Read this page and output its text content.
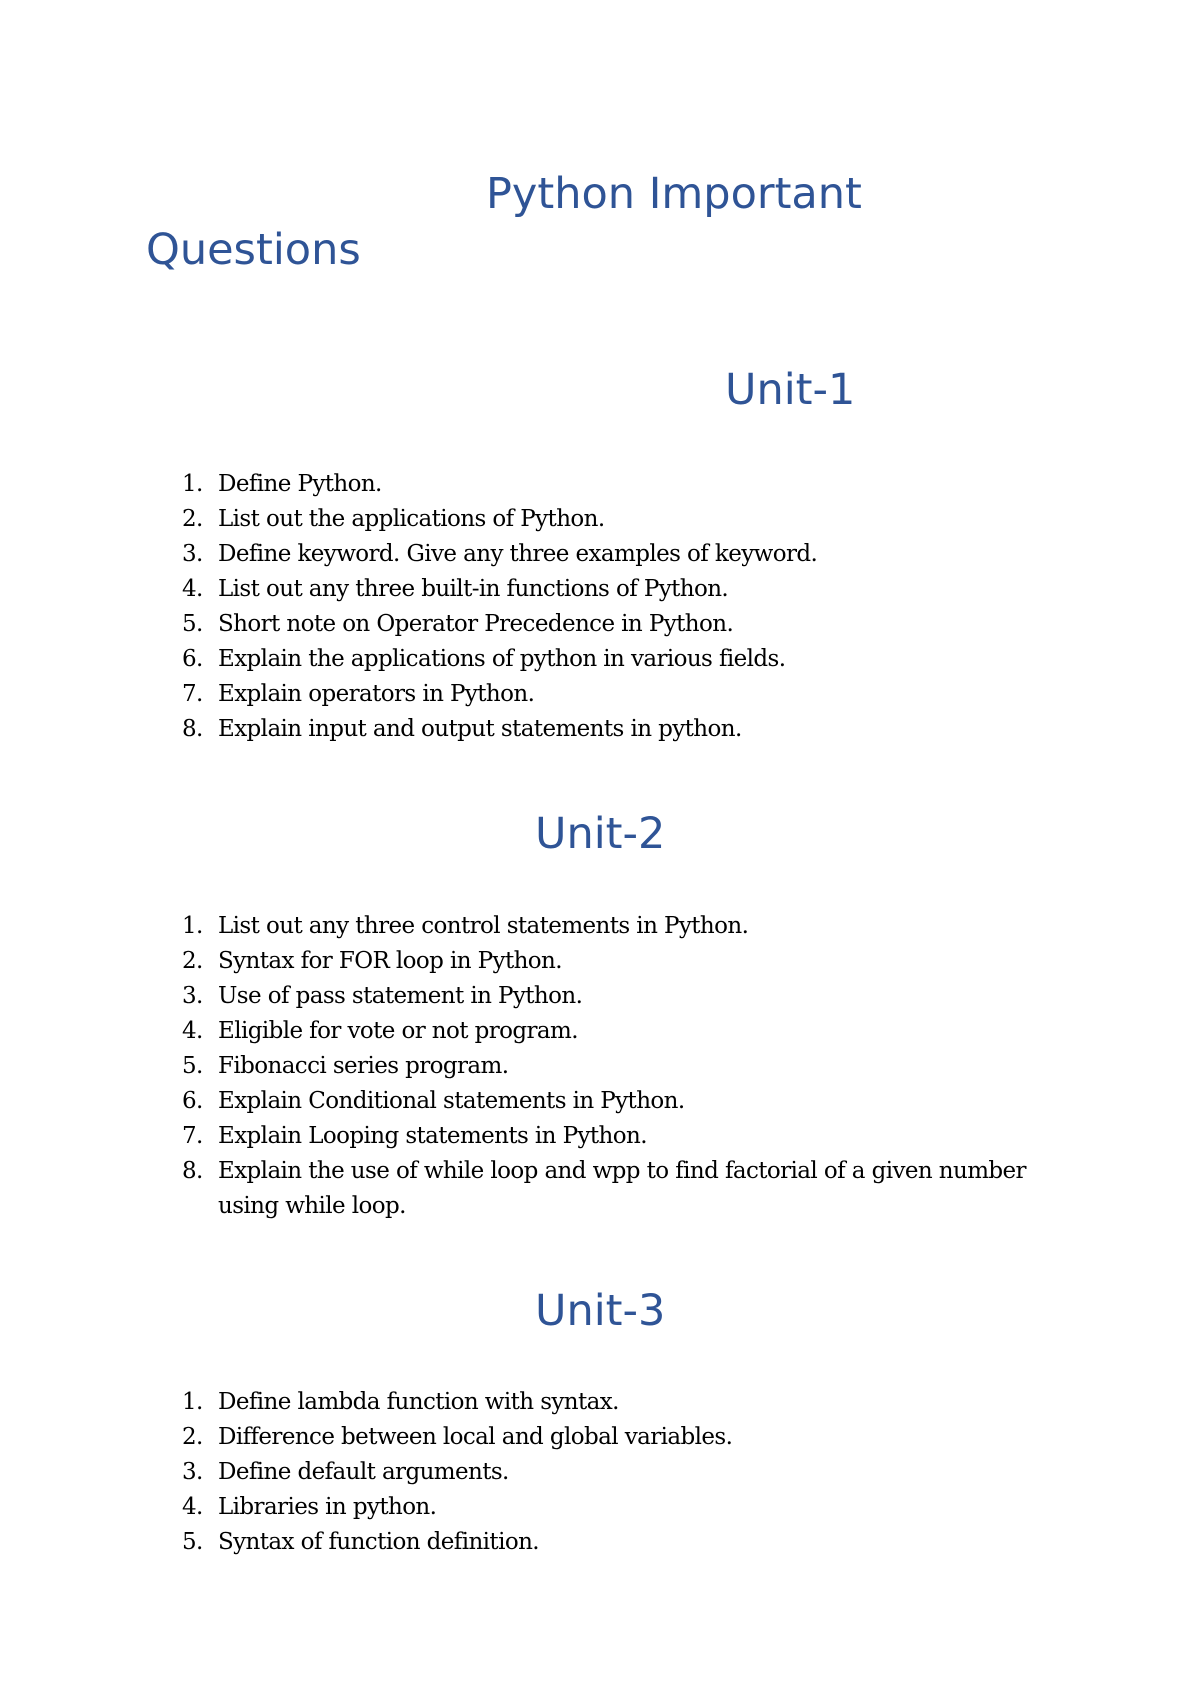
Python Important
Questions
Unit-1
1. Define Python.
2. List out the applications of Python.
3. Define keyword. Give any three examples of keyword.
4. List out any three built-in functions of Python.
5. Short note on Operator Precedence in Python.
6. Explain the applications of python in various fields.
7. Explain operators in Python.
8. Explain input and output statements in python.
Unit-2
1. List out any three control statements in Python.
2. Syntax for FOR loop in Python.
3. Use of pass statement in Python.
4. Eligible for vote or not program.
5. Fibonacci series program.
6. Explain Conditional statements in Python.
7. Explain Looping statements in Python.
8. Explain the use of while loop and wpp to find factorial of a given number using while loop.
Unit-3
1. Define lambda function with syntax.
2. Difference between local and global variables.
3. Define default arguments.
4. Libraries in python.
5. Syntax of function definition.
